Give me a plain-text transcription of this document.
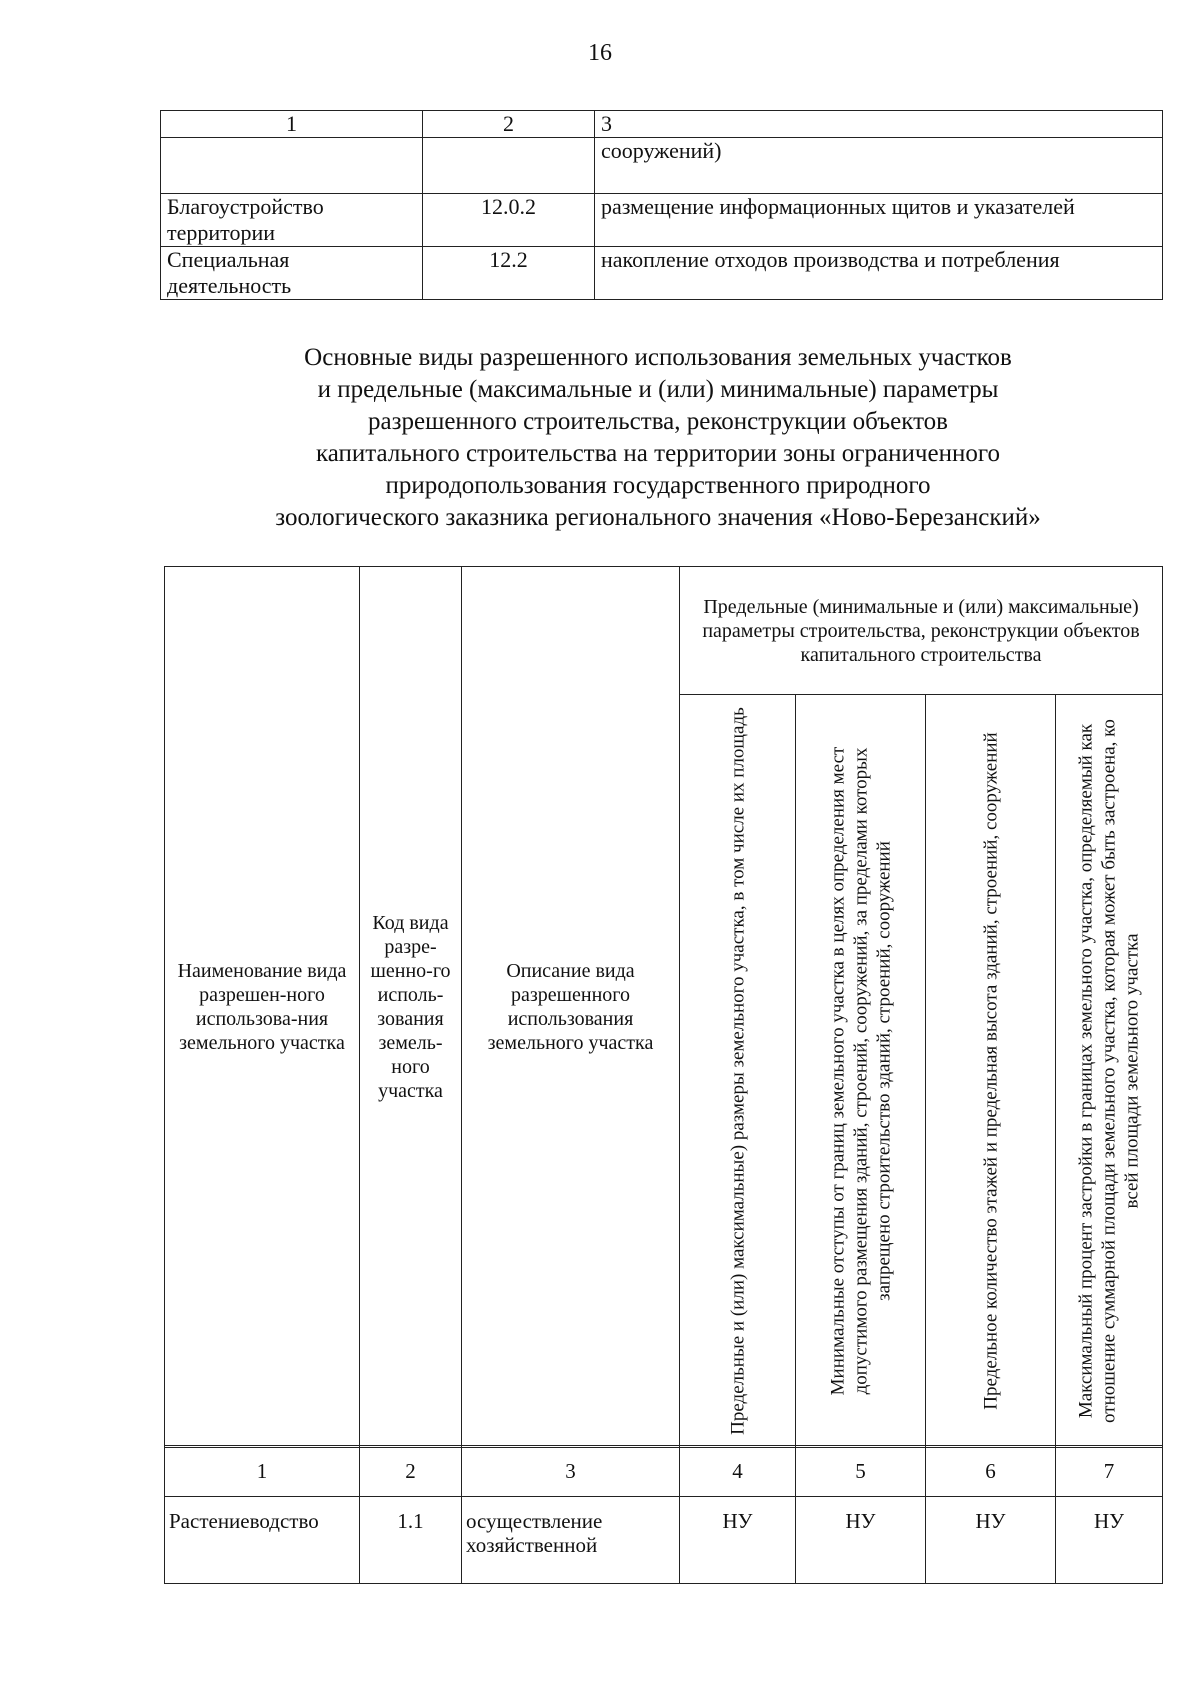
16
1	2	3
		сооружений)
Благоустройство территории	12.0.2	размещение информационных щитов и указателей
Специальная деятельность	12.2	накопление отходов производства и потребления
Основные виды разрешенного использования земельных участков
и предельные (максимальные и (или) минимальные) параметры
разрешенного строительства, реконструкции объектов
капитального строительства на территории зоны ограниченного
природопользования государственного природного
зоологического заказника регионального значения «Ново-Березанский»
Наименование вида разрешен-ного использова-ния земельного участка	Код вида разре-шенно-го исполь-зования земель-ного участка	Описание вида разрешенного использования земельного участка	Предельные (минимальные и (или) максимальные) параметры строительства, реконструкции объектов капитального строительства			

			Предельные и (или) максимальные) размеры земельного участка, в том числе их площадь	Минимальные отступы от границ земельного участка в целях определения мест допустимого размещения зданий, строений, сооружений, за пределами которых запрещено строительство зданий, строений, сооружений	Предельное количество этажей и предельная высота зданий, строений, сооружений	Максимальный процент застройки в границах земельного участка, определяемый как отношение суммарной площади земельного участка, которая может быть застроена, ко всей площади земельного участка
1	2	3	4	5	6	7
Растениеводство	1.1	осуществление хозяйственной	НУ	НУ	НУ	НУ
